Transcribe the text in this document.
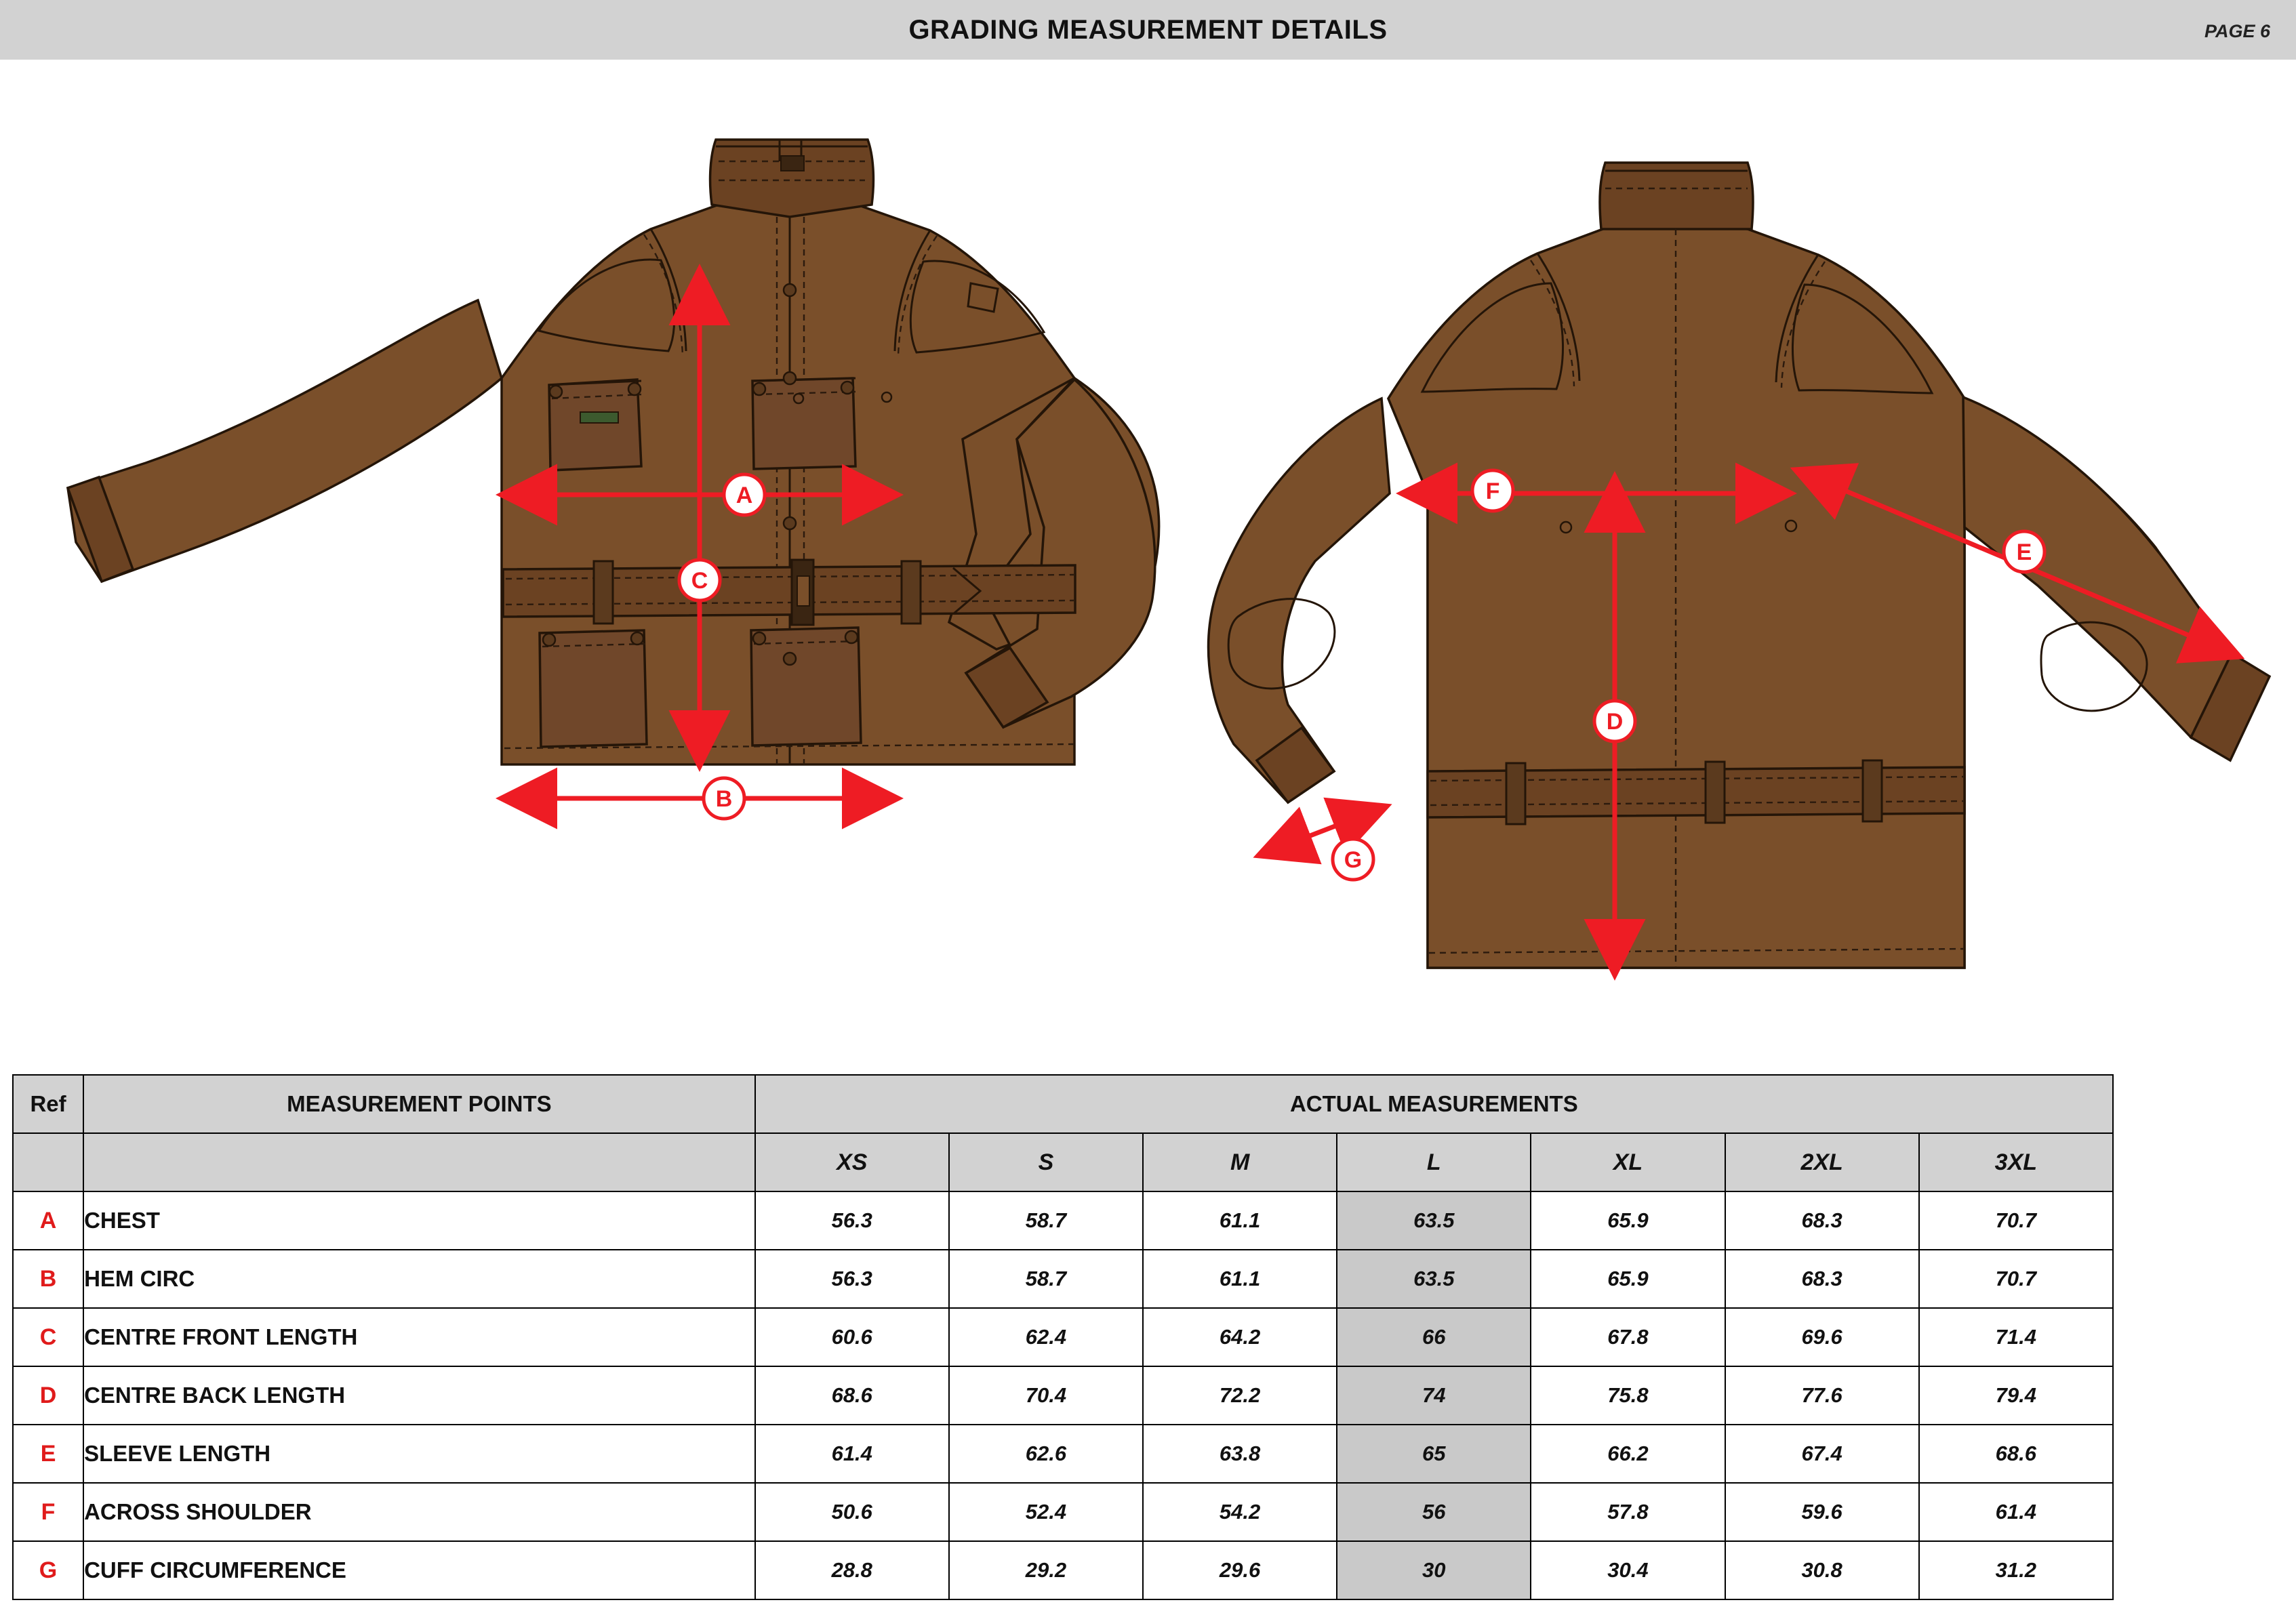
GRADING MEASUREMENT DETAILS	PAGE 6
A
B
C
F
D
E
G
Ref	MEASUREMENT POINTS	ACTUAL MEASUREMENTS						
		XS	S	M	L	XL	2XL	3XL
A	CHEST	56.3	58.7	61.1	63.5	65.9	68.3	70.7
B	HEM CIRC	56.3	58.7	61.1	63.5	65.9	68.3	70.7
C	CENTRE FRONT LENGTH	60.6	62.4	64.2	66	67.8	69.6	71.4
D	CENTRE BACK LENGTH	68.6	70.4	72.2	74	75.8	77.6	79.4
E	SLEEVE LENGTH	61.4	62.6	63.8	65	66.2	67.4	68.6
F	ACROSS SHOULDER	50.6	52.4	54.2	56	57.8	59.6	61.4
G	CUFF CIRCUMFERENCE	28.8	29.2	29.6	30	30.4	30.8	31.2
